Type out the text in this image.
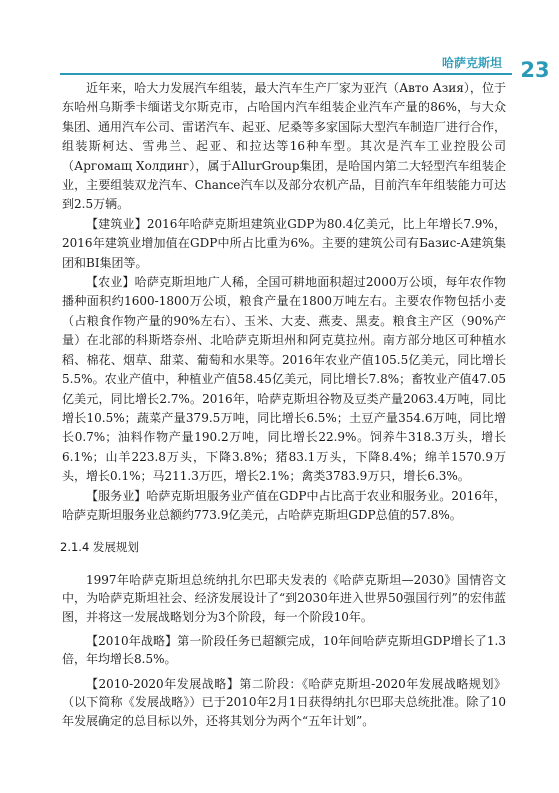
哈萨克斯坦 23

近年来，哈大力发展汽车组装，最大汽车生产厂家为亚汽（Авто Азия），位于东哈州乌斯季卡缅诺戈尔斯克市，占哈国内汽车组装企业汽车产量的86%，与大众集团、通用汽车公司、雷诺汽车、起亚、尼桑等多家国际大型汽车制造厂进行合作，组装斯柯达、雪弗兰、起亚、和拉达等16种车型。其次是汽车工业控股公司（Аргомащ Холдинг），属于AllurGroup集团，是哈国内第二大轻型汽车组装企业，主要组装双龙汽车、Chance汽车以及部分农机产品，目前汽车年组装能力可达到2.5万辆。

【建筑业】2016年哈萨克斯坦建筑业GDP为80.4亿美元，比上年增长7.9%，2016年建筑业增加值在GDP中所占比重为6%。主要的建筑公司有Базис-А建筑集团和BI集团等。

【农业】哈萨克斯坦地广人稀，全国可耕地面积超过2000万公顷，每年农作物播种面积约1600-1800万公顷，粮食产量在1800万吨左右。主要农作物包括小麦（占粮食作物产量的90%左右）、玉米、大麦、燕麦、黑麦。粮食主产区（90%产量）在北部的科斯塔奈州、北哈萨克斯坦州和阿克莫拉州。南方部分地区可种植水稻、棉花、烟草、甜菜、葡萄和水果等。2016年农业产值105.5亿美元，同比增长5.5%。农业产值中，种植业产值58.45亿美元，同比增长7.8%；畜牧业产值47.05亿美元，同比增长2.7%。2016年，哈萨克斯坦谷物及豆类产量2063.4万吨，同比增长10.5%；蔬菜产量379.5万吨，同比增长6.5%；土豆产量354.6万吨，同比增长0.7%；油料作物产量190.2万吨，同比增长22.9%。饲养牛318.3万头，增长6.1%；山羊223.8万头，下降3.8%；猪83.1万头，下降8.4%；绵羊1570.9万头，增长0.1%；马211.3万匹，增长2.1%；禽类3783.9万只，增长6.3%。

【服务业】哈萨克斯坦服务业产值在GDP中占比高于农业和服务业。2016年，哈萨克斯坦服务业总额约773.9亿美元，占哈萨克斯坦GDP总值的57.8%。

2.1.4 发展规划

1997年哈萨克斯坦总统纳扎尔巴耶夫发表的《哈萨克斯坦—2030》国情咨文中，为哈萨克斯坦社会、经济发展设计了“到2030年进入世界50强国行列”的宏伟蓝图，并将这一发展战略划分为3个阶段，每一个阶段10年。

【2010年战略】第一阶段任务已超额完成，10年间哈萨克斯坦GDP增长了1.3倍，年均增长8.5%。

【2010-2020年发展战略】第二阶段：《哈萨克斯坦-2020年发展战略规划》（以下简称《发展战略》）已于2010年2月1日获得纳扎尔巴耶夫总统批准。除了10年发展确定的总目标以外，还将其划分为两个“五年计划”。
